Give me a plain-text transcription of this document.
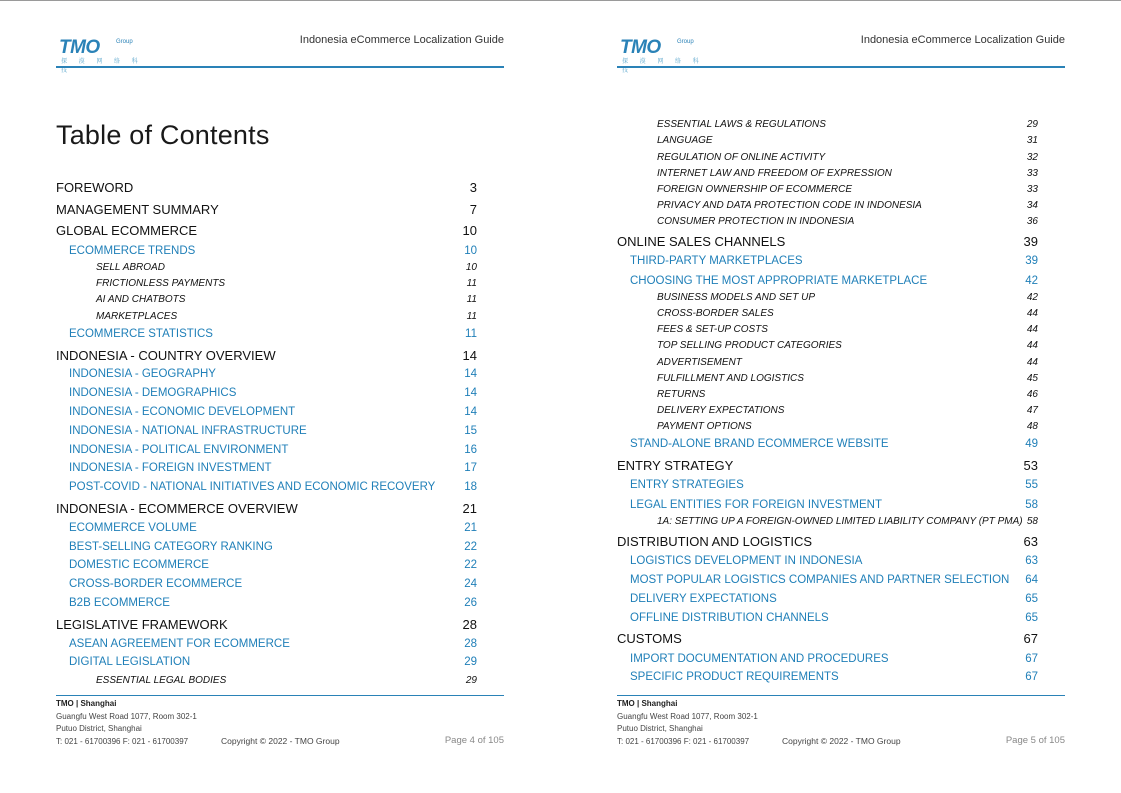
TMO	Group
探 漠 网 络 科 技
Indonesia eCommerce Localization Guide
Table of Contents
FOREWORD	3
MANAGEMENT SUMMARY	7
GLOBAL ECOMMERCE	10
ECOMMERCE TRENDS	10
SELL ABROAD	10
FRICTIONLESS PAYMENTS	11
AI AND CHATBOTS	11
MARKETPLACES	11
ECOMMERCE STATISTICS	11
INDONESIA - COUNTRY OVERVIEW	14
INDONESIA - GEOGRAPHY	14
INDONESIA - DEMOGRAPHICS	14
INDONESIA - ECONOMIC DEVELOPMENT	14
INDONESIA - NATIONAL INFRASTRUCTURE	15
INDONESIA - POLITICAL ENVIRONMENT	16
INDONESIA - FOREIGN INVESTMENT	17
POST-COVID - NATIONAL INITIATIVES AND ECONOMIC RECOVERY	18
INDONESIA - ECOMMERCE OVERVIEW	21
ECOMMERCE VOLUME	21
BEST-SELLING CATEGORY RANKING	22
DOMESTIC ECOMMERCE	22
CROSS-BORDER ECOMMERCE	24
B2B ECOMMERCE	26
LEGISLATIVE FRAMEWORK	28
ASEAN AGREEMENT FOR ECOMMERCE	28
DIGITAL LEGISLATION	29
ESSENTIAL LEGAL BODIES	29
TMO | Shanghai
Guangfu West Road 1077, Room 302-1
Putuo District, Shanghai
T: 021 - 61700396 F: 021 - 61700397	Copyright © 2022 - TMO Group	Page 4 of 105
TMO	Group
探 漠 网 络 科 技
Indonesia eCommerce Localization Guide
ESSENTIAL LAWS & REGULATIONS	29
LANGUAGE	31
REGULATION OF ONLINE ACTIVITY	32
INTERNET LAW AND FREEDOM OF EXPRESSION	33
FOREIGN OWNERSHIP OF ECOMMERCE	33
PRIVACY AND DATA PROTECTION CODE IN INDONESIA	34
CONSUMER PROTECTION IN INDONESIA	36
ONLINE SALES CHANNELS	39
THIRD-PARTY MARKETPLACES	39
CHOOSING THE MOST APPROPRIATE MARKETPLACE	42
BUSINESS MODELS AND SET UP	42
CROSS-BORDER SALES	44
FEES & SET-UP COSTS	44
TOP SELLING PRODUCT CATEGORIES	44
ADVERTISEMENT	44
FULFILLMENT AND LOGISTICS	45
RETURNS	46
DELIVERY EXPECTATIONS	47
PAYMENT OPTIONS	48
STAND-ALONE BRAND ECOMMERCE WEBSITE	49
ENTRY STRATEGY	53
ENTRY STRATEGIES	55
LEGAL ENTITIES FOR FOREIGN INVESTMENT	58
1A: SETTING UP A FOREIGN-OWNED LIMITED LIABILITY COMPANY (PT PMA) 58
DISTRIBUTION AND LOGISTICS	63
LOGISTICS DEVELOPMENT IN INDONESIA	63
MOST POPULAR LOGISTICS COMPANIES AND PARTNER SELECTION 64
DELIVERY EXPECTATIONS	65
OFFLINE DISTRIBUTION CHANNELS	65
CUSTOMS	67
IMPORT DOCUMENTATION AND PROCEDURES	67
SPECIFIC PRODUCT REQUIREMENTS	67
TMO | Shanghai
Guangfu West Road 1077, Room 302-1
Putuo District, Shanghai
T: 021 - 61700396 F: 021 - 61700397	Copyright © 2022 - TMO Group	Page 5 of 105
